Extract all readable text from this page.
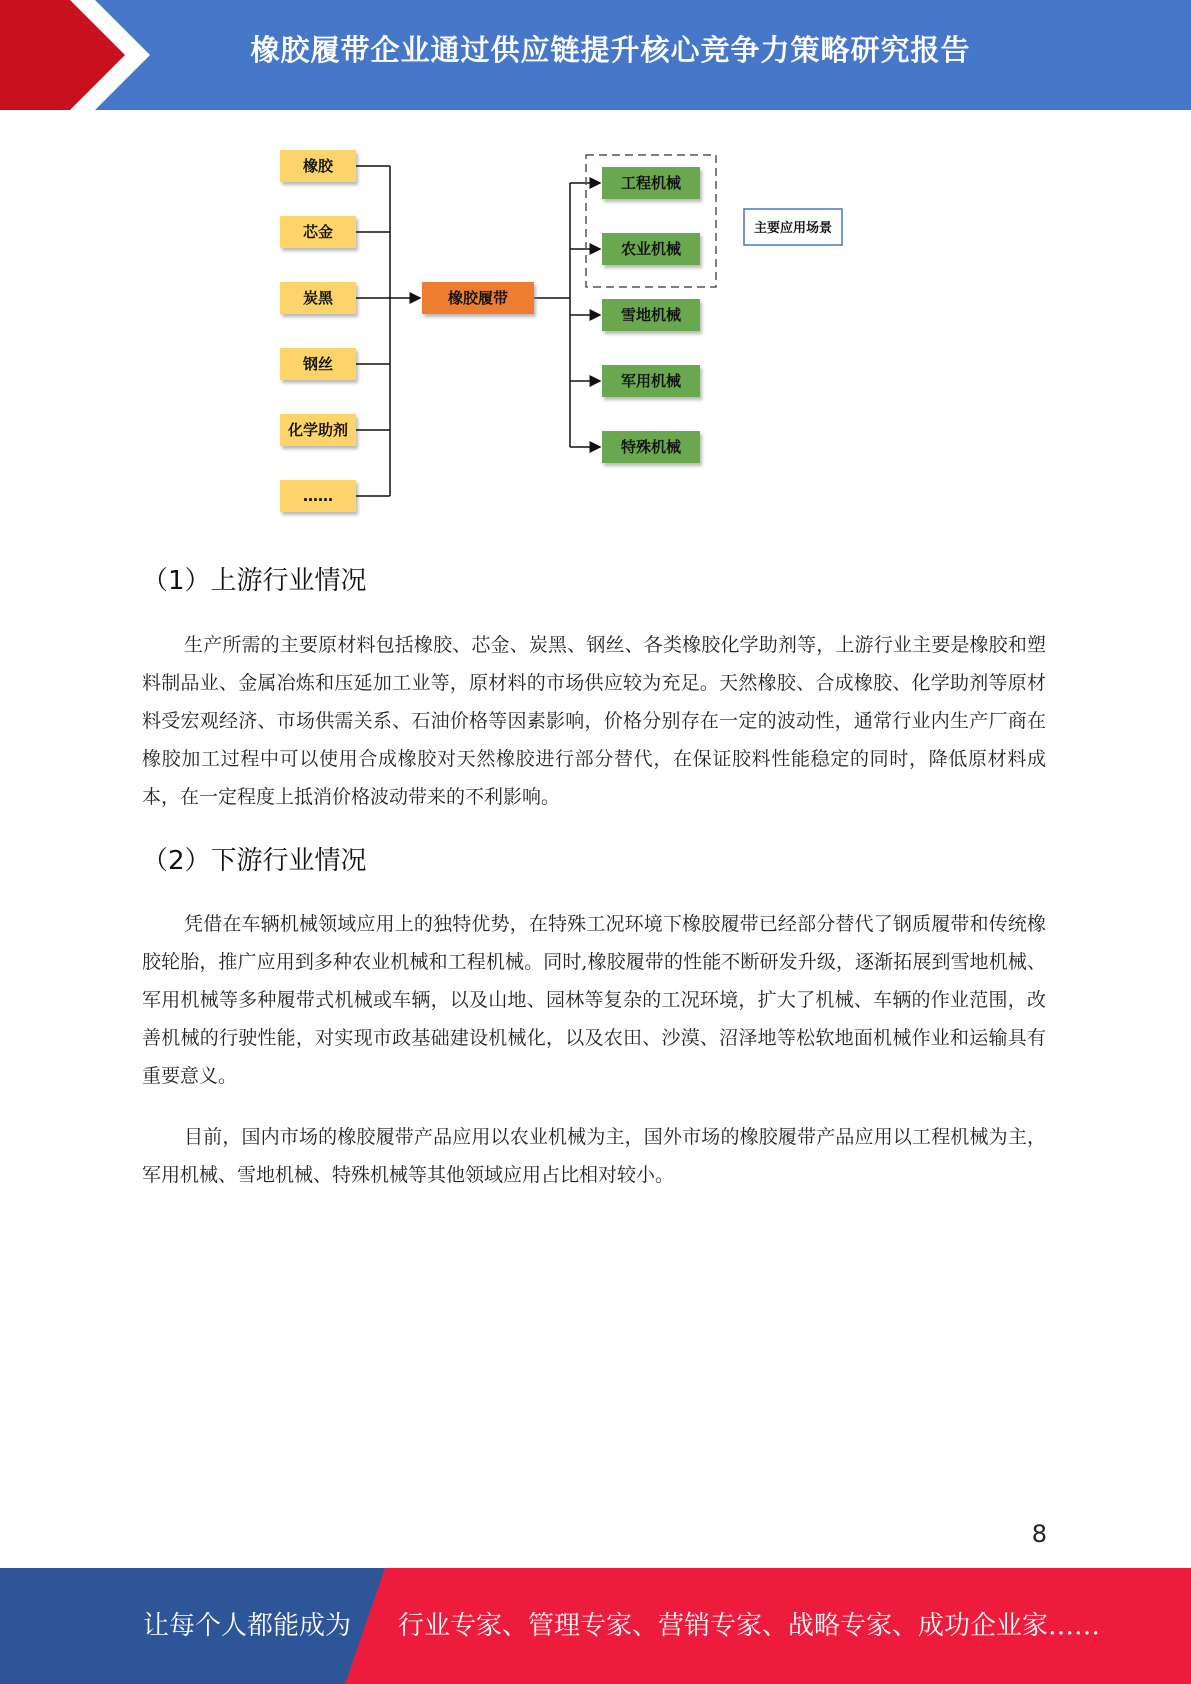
橡胶履带企业通过供应链提升核心竞争力策略研究报告
橡胶
芯金
炭黑
钢丝
化学助剂
……
橡胶履带
工程机械
农业机械
雪地机械
军用机械
特殊机械
主要应用场景
（1）上游行业情况
生产所需的主要原材料包括橡胶、芯金、炭黑、钢丝、各类橡胶化学助剂等，上游行业主要是橡胶和塑料制品业、金属冶炼和压延加工业等，原材料的市场供应较为充足。天然橡胶、合成橡胶、化学助剂等原材料受宏观经济、市场供需关系、石油价格等因素影响，价格分别存在一定的波动性，通常行业内生产厂商在橡胶加工过程中可以使用合成橡胶对天然橡胶进行部分替代，在保证胶料性能稳定的同时，降低原材料成本，在一定程度上抵消价格波动带来的不利影响。
（2）下游行业情况
凭借在车辆机械领域应用上的独特优势，在特殊工况环境下橡胶履带已经部分替代了钢质履带和传统橡胶轮胎，推广应用到多种农业机械和工程机械。同时,橡胶履带的性能不断研发升级，逐渐拓展到雪地机械、军用机械等多种履带式机械或车辆，以及山地、园林等复杂的工况环境，扩大了机械、车辆的作业范围，改善机械的行驶性能，对实现市政基础建设机械化，以及农田、沙漠、沼泽地等松软地面机械作业和运输具有重要意义。
目前，国内市场的橡胶履带产品应用以农业机械为主，国外市场的橡胶履带产品应用以工程机械为主，军用机械、雪地机械、特殊机械等其他领域应用占比相对较小。
8
让每个人都能成为 行业专家、管理专家、营销专家、战略专家、成功企业家……
